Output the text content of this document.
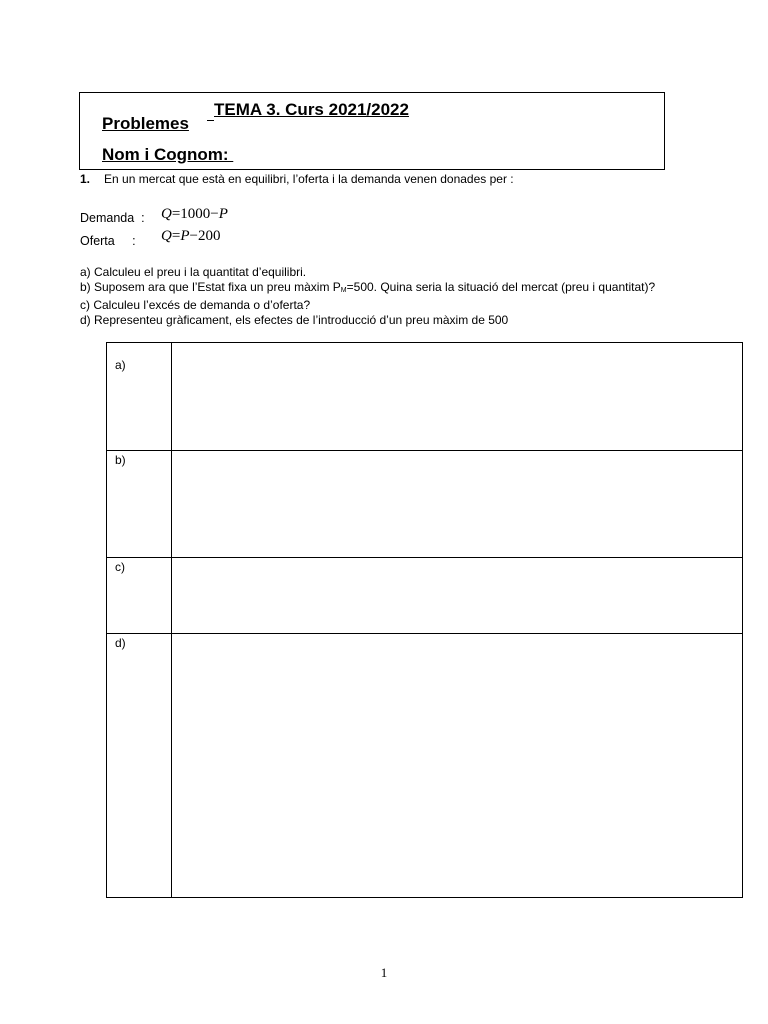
Problemes
TEMA 3. Curs 2021/2022
Nom i Cognom:
1. En un mercat que està en equilibri, l’oferta i la demanda venen donades per :
Demanda  : Q=1000−P
Oferta     : Q=P−200
a) Calculeu el preu i la quantitat d’equilibri.
b) Suposem ara que l’Estat fixa un preu màxim PM=500. Quina seria la situació del mercat (preu i quantitat)?
c) Calculeu l’excés de demanda o d’oferta?
d) Representeu gràficament, els efectes de l’introducció d’un preu màxim de 500
a)	

b)	

c)	

d)	

1
